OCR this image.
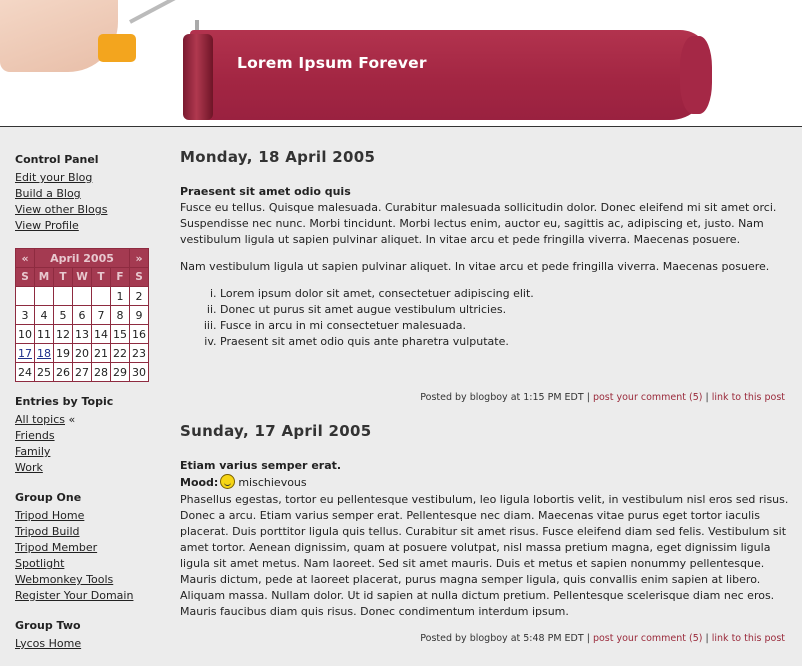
Lorem Ipsum Forever
Control Panel
Edit your Blog
Build a Blog
View other Blogs
View Profile
«	April 2005					»
S	M	T	W	T	F	S
					1	2
3	4	5	6	7	8	9
10	11	12	13	14	15	16
17	18	19	20	21	22	23
24	25	26	27	28	29	30
Entries by Topic
All topics «
Friends
Family
Work
Group One
Tripod Home
Tripod Build
Tripod Member
Spotlight
Webmonkey Tools
Register Your Domain
Group Two
Lycos Home
Monday, 18 April 2005
Praesent sit amet odio quis

Fusce eu tellus. Quisque malesuada. Curabitur malesuada sollicitudin dolor. Donec eleifend mi sit amet orci. Suspendisse nec nunc. Morbi tincidunt. Morbi lectus enim, auctor eu, sagittis ac, adipiscing et, justo. Nam vestibulum ligula ut sapien pulvinar aliquet. In vitae arcu et pede fringilla viverra. Maecenas posuere.

Nam vestibulum ligula ut sapien pulvinar aliquet. In vitae arcu et pede fringilla viverra. Maecenas posuere.

i. Lorem ipsum dolor sit amet, consectetuer adipiscing elit.
ii. Donec ut purus sit amet augue vestibulum ultricies.
iii. Fusce in arcu in mi consectetuer malesuada.
iv. Praesent sit amet odio quis ante pharetra vulputate.
Posted by blogboy at 1:15 PM EDT | post your comment (5) | link to this post
Sunday, 17 April 2005
Etiam varius semper erat.
Mood: mischievous

Phasellus egestas, tortor eu pellentesque vestibulum, leo ligula lobortis velit, in vestibulum nisl eros sed risus. Donec a arcu. Etiam varius semper erat. Pellentesque nec diam. Maecenas vitae purus eget tortor iaculis placerat. Duis porttitor ligula quis tellus. Curabitur sit amet risus. Fusce eleifend diam sed felis. Vestibulum sit amet tortor. Aenean dignissim, quam at posuere volutpat, nisl massa pretium magna, eget dignissim ligula ligula sit amet metus. Nam laoreet. Sed sit amet mauris. Duis et metus et sapien nonummy pellentesque. Mauris dictum, pede at laoreet placerat, purus magna semper ligula, quis convallis enim sapien at libero. Aliquam massa. Nullam dolor. Ut id sapien at nulla dictum pretium. Pellentesque scelerisque diam nec eros. Mauris faucibus diam quis risus. Donec condimentum interdum ipsum.

Posted by blogboy at 5:48 PM EDT | post your comment (5) | link to this post
